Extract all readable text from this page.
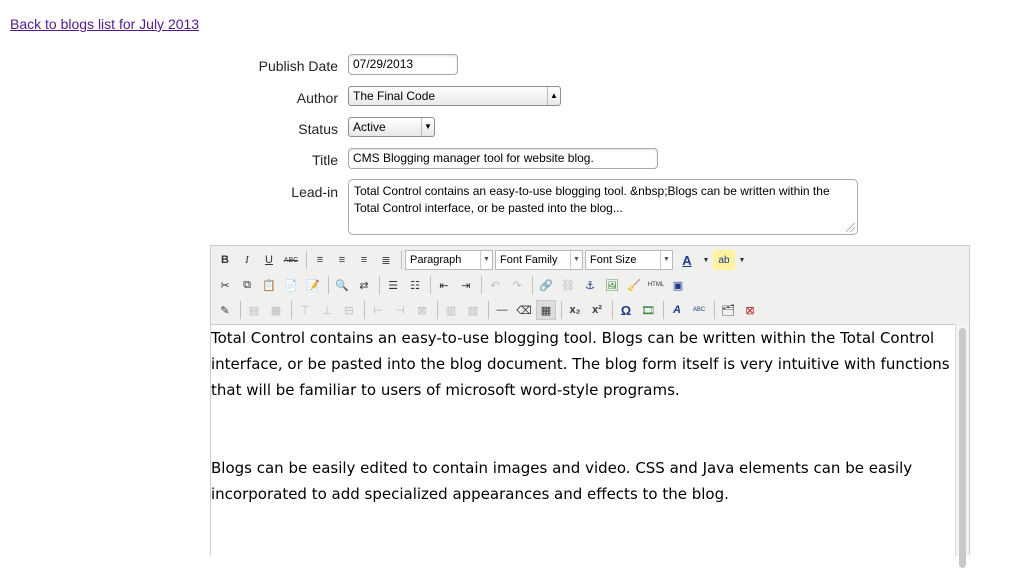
Back to blogs list for July 2013
Publish Date	07/29/2013
Author	The Final Code	▲

Status	Active	▼
Title	CMS Blogging manager tool for website blog.
Lead-in	Total Control contains an easy-to-use blogging tool. &nbsp;Blogs can be written within the Total Control interface, or be pasted into the blog...
B	I	U	ABC	≡	≡	≡	≣	Paragraph	▼ Font Family	▼ Font Size	▼ A	▼ ab	▼
✂	⧉	📋 📄 📝 🔍 ⇄	☰	☷	⇤	⇥	↶	↷	🔗 ⛓ ⚓ 🖼 🧹	HTML ▣
✎	▤	▦	⊤	⊥	⊟	⊢	⊣	⊠	▥	▧	— ⌫ ▦	x₂	x²	Ω 🎞	A	ABC	🗂 ⊠

Total Control contains an easy-to-use blogging tool. Blogs can be written within the Total Control interface, or be pasted into the blog document. The blog form itself is very intuitive with functions that will be familiar to users of microsoft word-style programs.

Blogs can be easily edited to contain images and video. CSS and Java elements can be easily incorporated to add specialized appearances and effects to the blog.
